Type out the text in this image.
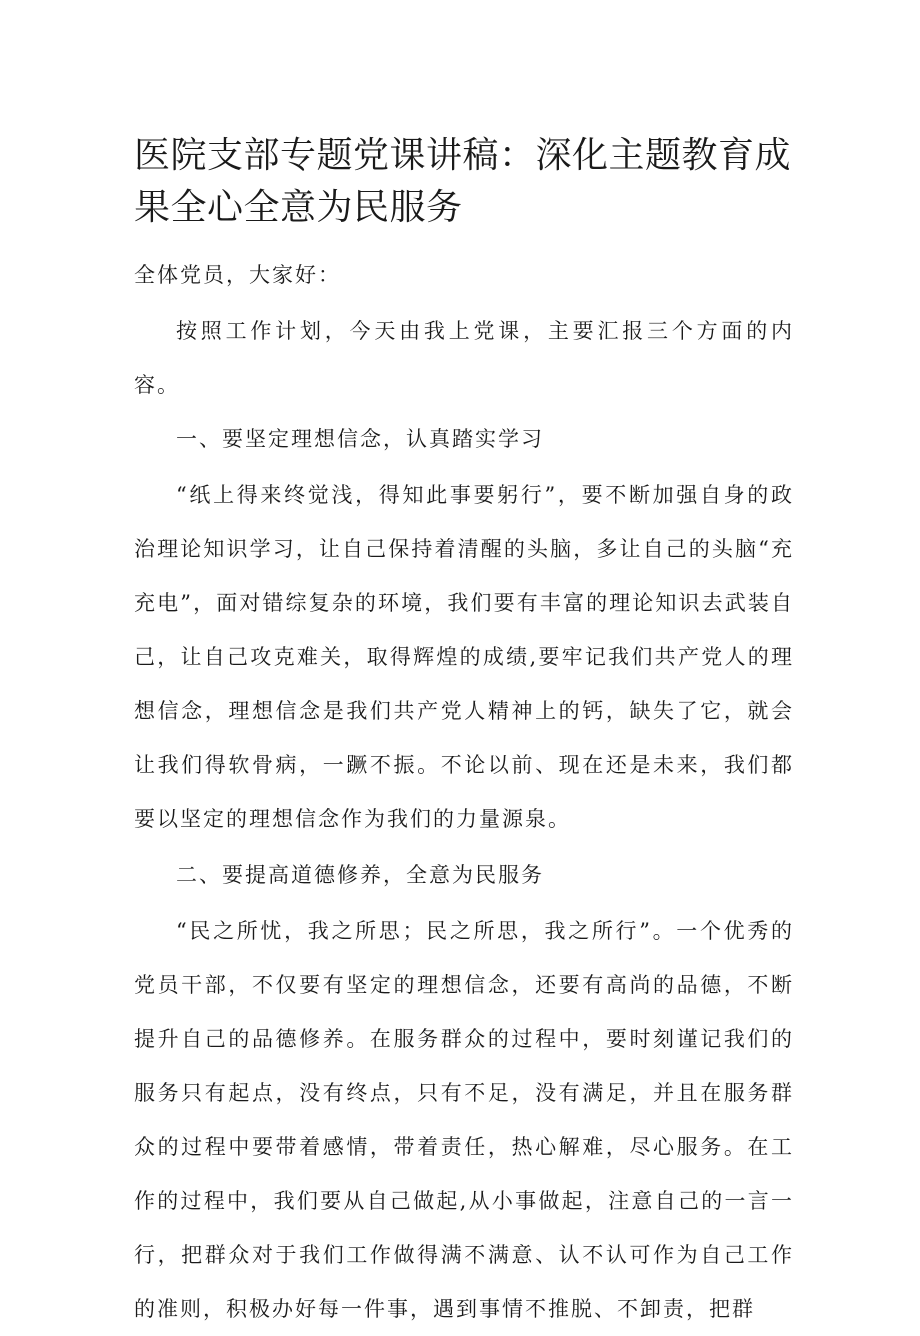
医院支部专题党课讲稿：深化主题教育成果全心全意为民服务

全体党员，大家好：

按照工作计划，今天由我上党课，主要汇报三个方面的内容。

一、要坚定理想信念，认真踏实学习

“纸上得来终觉浅，得知此事要躬行”，要不断加强自身的政治理论知识学习，让自己保持着清醒的头脑，多让自己的头脑“充充电”，面对错综复杂的环境，我们要有丰富的理论知识去武装自己，让自己攻克难关，取得辉煌的成绩,要牢记我们共产党人的理想信念，理想信念是我们共产党人精神上的钙，缺失了它，就会让我们得软骨病，一蹶不振。不论以前、现在还是未来，我们都要以坚定的理想信念作为我们的力量源泉。

二、要提高道德修养，全意为民服务

“民之所忧，我之所思；民之所思，我之所行”。一个优秀的党员干部，不仅要有坚定的理想信念，还要有高尚的品德，不断提升自己的品德修养。在服务群众的过程中，要时刻谨记我们的服务只有起点，没有终点，只有不足，没有满足，并且在服务群众的过程中要带着感情，带着责任，热心解难，尽心服务。在工作的过程中，我们要从自己做起,从小事做起，注意自己的一言一行，把群众对于我们工作做得满不满意、认不认可作为自己工作的准则，积极办好每一件事，遇到事情不推脱、不卸责，把群
